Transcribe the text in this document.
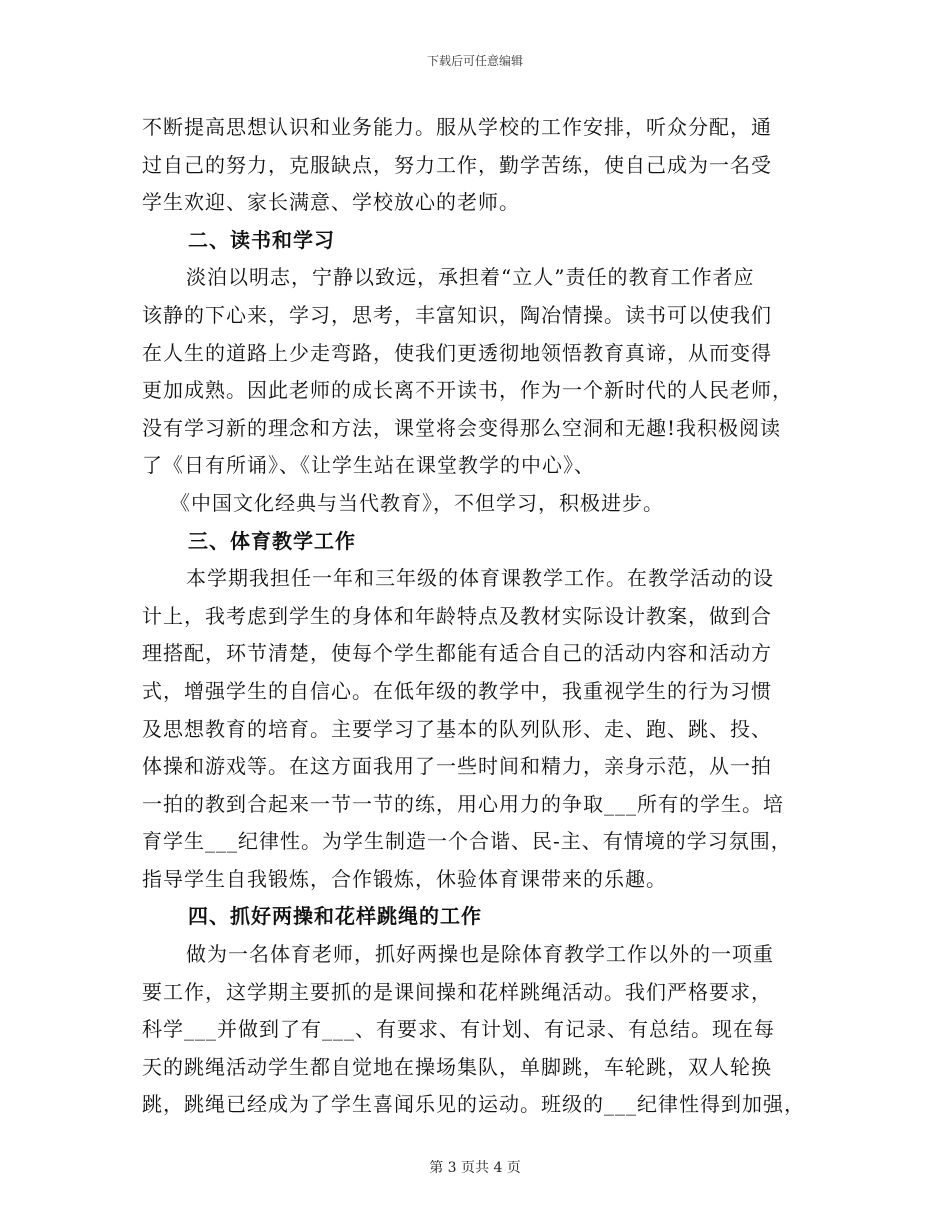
下载后可任意编辑
不断提高思想认识和业务能力。服从学校的工作安排，听众分配，通
过自己的努力，克服缺点，努力工作，勤学苦练，使自己成为一名受
学生欢迎、家长满意、学校放心的老师。
二、读书和学习
淡泊以明志，宁静以致远，承担着“立人”责任的教育工作者应
该静的下心来，学习，思考，丰富知识，陶冶情操。读书可以使我们
在人生的道路上少走弯路，使我们更透彻地领悟教育真谛，从而变得
更加成熟。因此老师的成长离不开读书，作为一个新时代的人民老师，
没有学习新的理念和方法，课堂将会变得那么空洞和无趣!我积极阅读
了《日有所诵》、《让学生站在课堂教学的中心》、
《中国文化经典与当代教育》，不但学习，积极进步。
三、体育教学工作
本学期我担任一年和三年级的体育课教学工作。在教学活动的设
计上，我考虑到学生的身体和年龄特点及教材实际设计教案，做到合
理搭配，环节清楚，使每个学生都能有适合自己的活动内容和活动方
式，增强学生的自信心。在低年级的教学中，我重视学生的行为习惯
及思想教育的培育。主要学习了基本的队列队形、走、跑、跳、投、
体操和游戏等。在这方面我用了一些时间和精力，亲身示范，从一拍
一拍的教到合起来一节一节的练，用心用力的争取___所有的学生。培
育学生___纪律性。为学生制造一个合谐、民-主、有情境的学习氛围，
指导学生自我锻炼，合作锻炼，休验体育课带来的乐趣。
四、抓好两操和花样跳绳的工作
做为一名体育老师，抓好两操也是除体育教学工作以外的一项重
要工作，这学期主要抓的是课间操和花样跳绳活动。我们严格要求，
科学___并做到了有___、有要求、有计划、有记录、有总结。现在每
天的跳绳活动学生都自觉地在操场集队，单脚跳，车轮跳，双人轮换
跳，跳绳已经成为了学生喜闻乐见的运动。班级的___纪律性得到加强，
第 3 页共 4 页
